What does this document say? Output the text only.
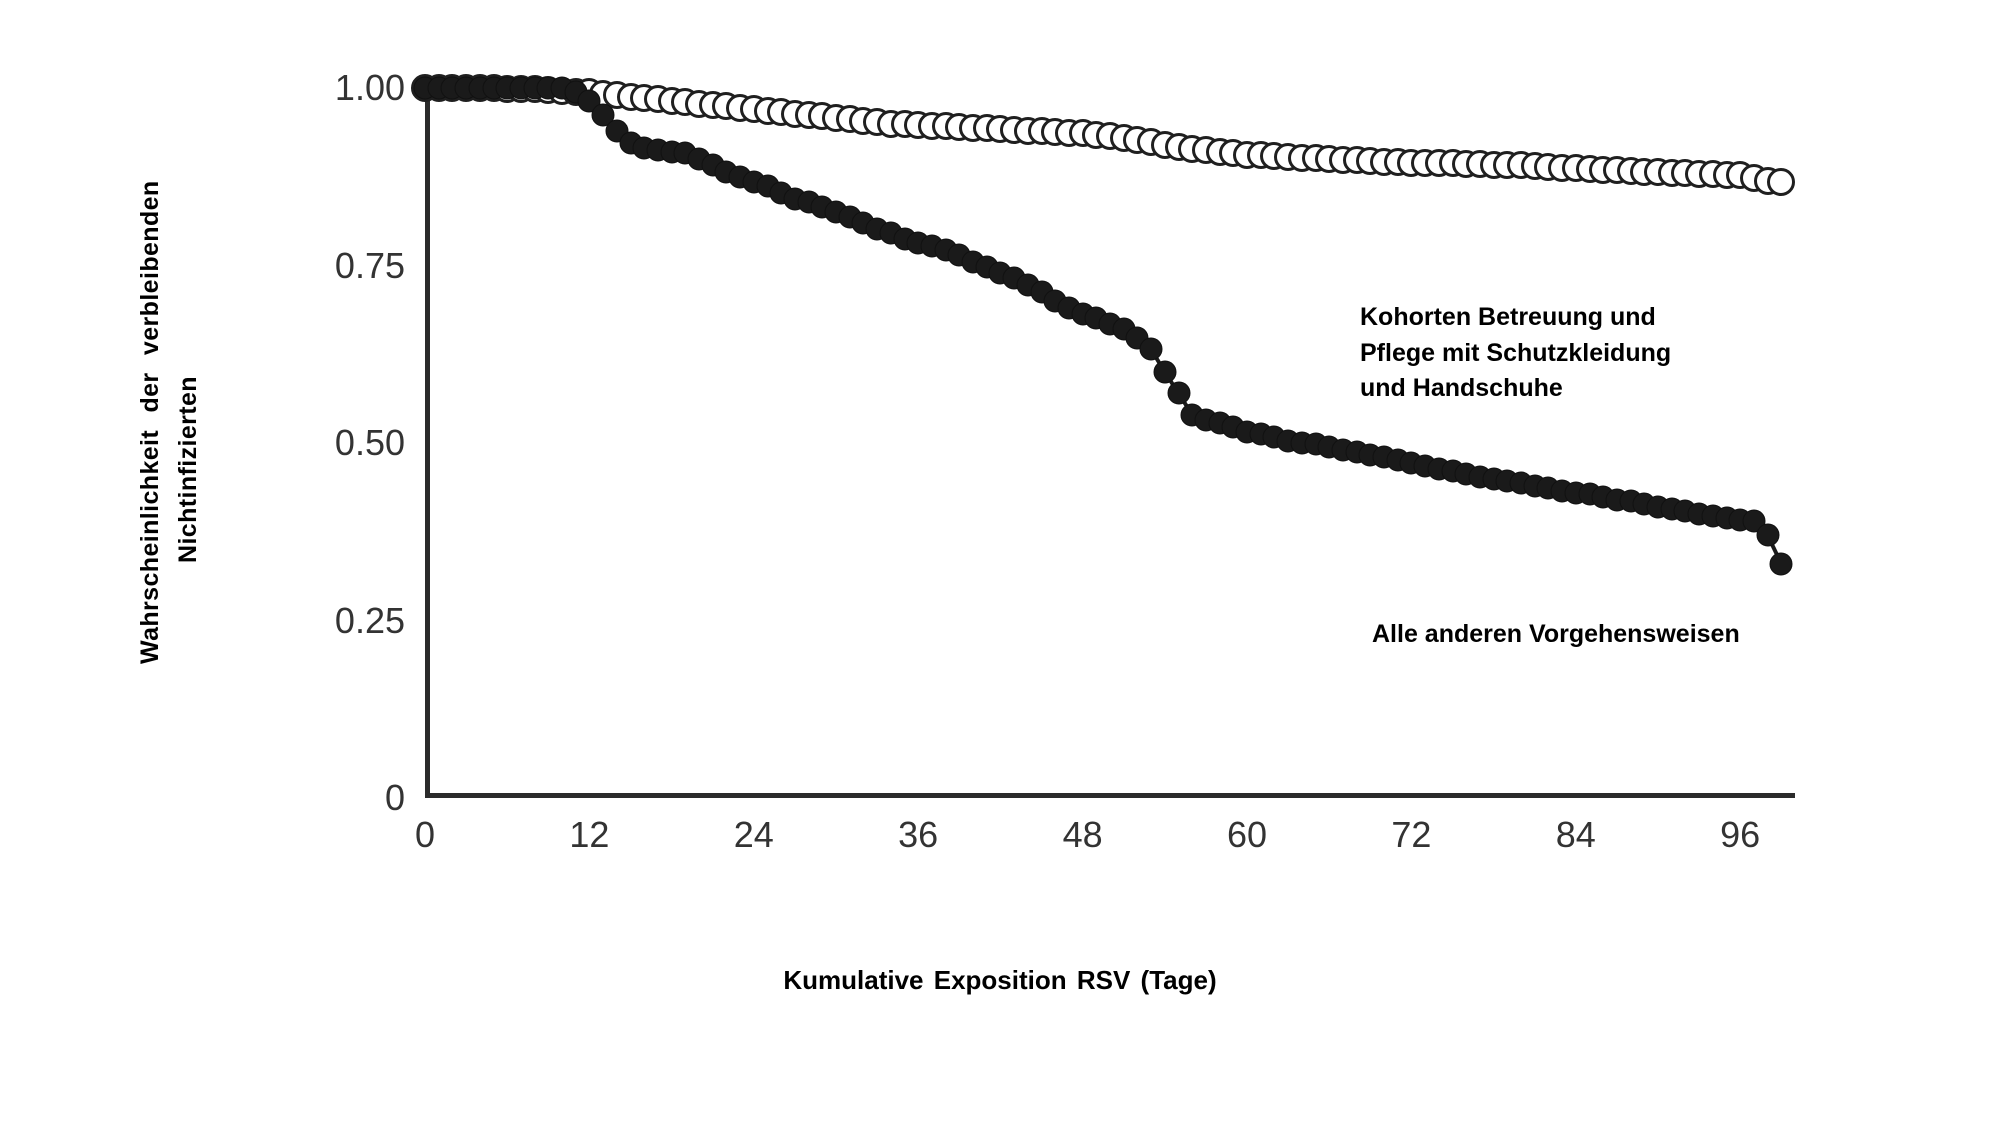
Wahrscheinlichkeit der verbleibenden Nichtinfizierten
0
0.25
0.50
0.75
1.00
0	12	24	36	48	60	72	84	96
Kohorten Betreuung und
Pflege mit Schutzkleidung
und Handschuhe
Alle anderen Vorgehensweisen
Kumulative Exposition RSV (Tage)
